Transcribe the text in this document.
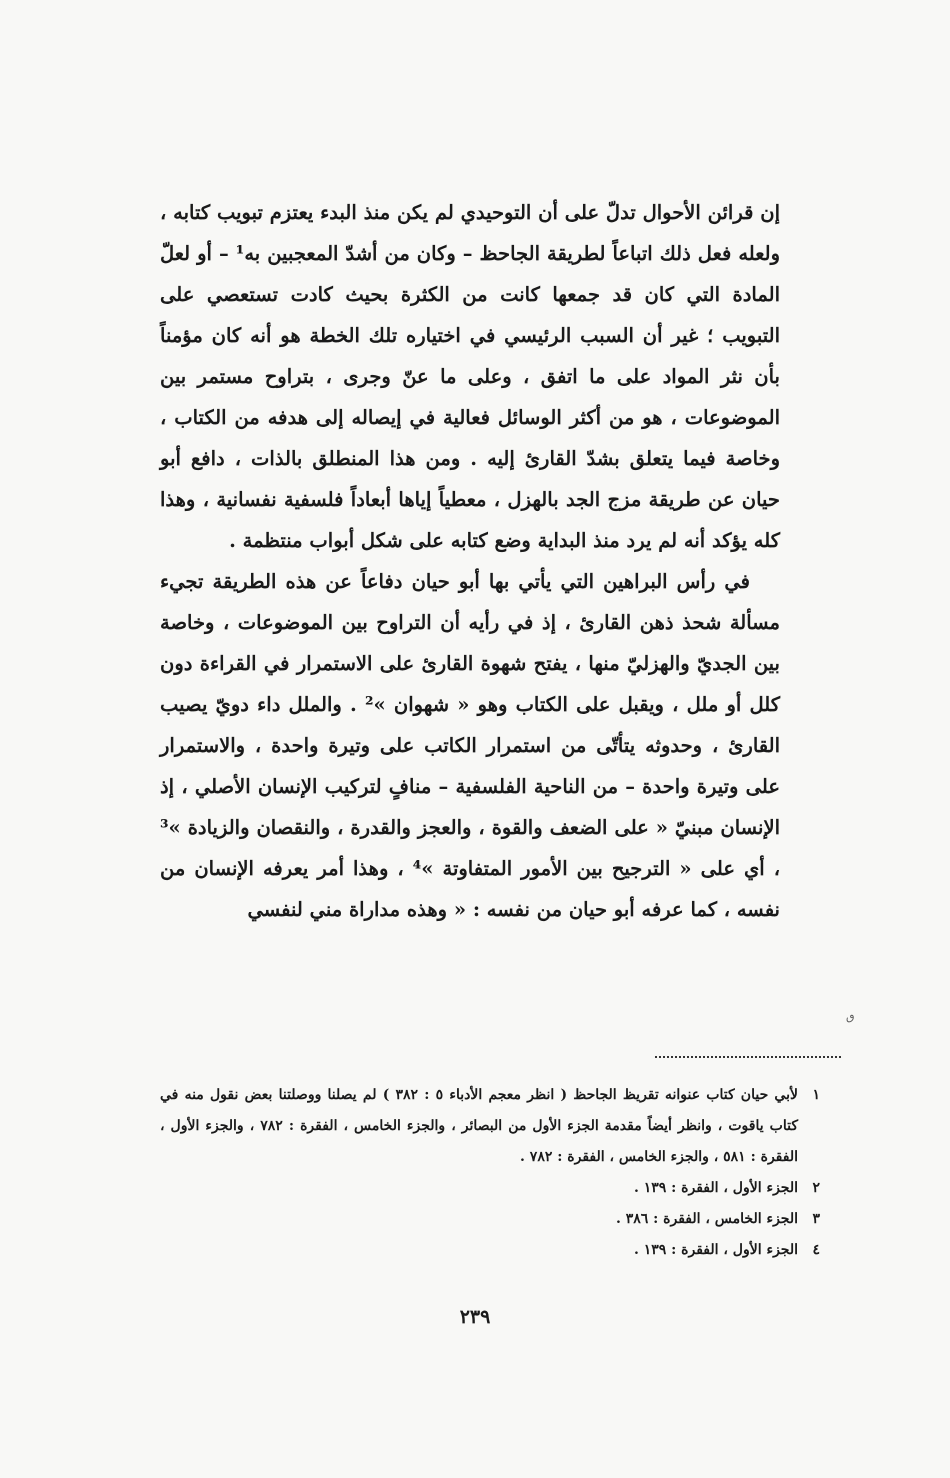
إن قرائن الأحوال تدلّ على أن التوحيدي لم يكن منذ البدء يعتزم تبويب كتابه ، ولعله فعل ذلك اتباعاً لطريقة الجاحظ – وكان من أشدّ المعجبين به¹ – أو لعلّ المادة التي كان قد جمعها كانت من الكثرة بحيث كادت تستعصي على التبويب ؛ غير أن السبب الرئيسي في اختياره تلك الخطة هو أنه كان مؤمناً بأن نثر المواد على ما اتفق ، وعلى ما عنّ وجرى ، بتراوح مستمر بين الموضوعات ، هو من أكثر الوسائل فعالية في إيصاله إلى هدفه من الكتاب ، وخاصة فيما يتعلق بشدّ القارئ إليه . ومن هذا المنطلق بالذات ، دافع أبو حيان عن طريقة مزج الجد بالهزل ، معطياً إياها أبعاداً فلسفية نفسانية ، وهذا كله يؤكد أنه لم يرد منذ البداية وضع كتابه على شكل أبواب منتظمة .

في رأس البراهين التي يأتي بها أبو حيان دفاعاً عن هذه الطريقة تجيء مسألة شحذ ذهن القارئ ، إذ في رأيه أن التراوح بين الموضوعات ، وخاصة بين الجديّ والهزليّ منها ، يفتح شهوة القارئ على الاستمرار في القراءة دون كلل أو ملل ، ويقبل على الكتاب وهو « شهوان »² . والملل داء دويّ يصيب القارئ ، وحدوثه يتأتّى من استمرار الكاتب على وتيرة واحدة ، والاستمرار على وتيرة واحدة – من الناحية الفلسفية – منافٍ لتركيب الإنسان الأصلي ، إذ الإنسان مبنيّ « على الضعف والقوة ، والعجز والقدرة ، والنقصان والزيادة »³ ، أي على « الترجيح بين الأمور المتفاوتة »⁴ ، وهذا أمر يعرفه الإنسان من نفسه ، كما عرفه أبو حيان من نفسه : « وهذه مداراة مني لنفسي

ٯ
١
لأبي حيان كتاب عنوانه تقريظ الجاحظ ( انظر معجم الأدباء ٥ : ٣٨٢ ) لم يصلنا ووصلتنا بعض نقول منه في كتاب ياقوت ، وانظر أيضاً مقدمة الجزء الأول من البصائر ، والجزء الخامس ، الفقرة : ٧٨٢ ، والجزء الأول ، الفقرة : ٥٨١ ، والجزء الخامس ، الفقرة : ٧٨٢ .
٢
الجزء الأول ، الفقرة : ١٣٩ .
٣
الجزء الخامس ، الفقرة : ٣٨٦ .
٤
الجزء الأول ، الفقرة : ١٣٩ .
٢٣٩
